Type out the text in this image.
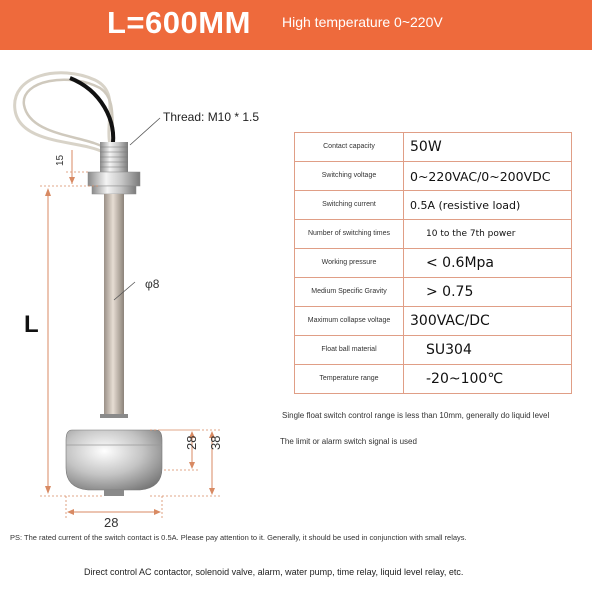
L=600MM High temperature 0~220V
15
L
φ8
28 38
28
Thread: M10 * 1.5
Contact capacity	50W
Switching voltage	0~220VAC/0~200VDC
Switching current	0.5A (resistive load)
Number of switching times	10 to the 7th power
Working pressure	< 0.6Mpa
Medium Specific Gravity	> 0.75
Maximum collapse voltage	300VAC/DC
Float ball material	SU304
Temperature range	-20~100℃
Single float switch control range is less than 10mm, generally do liquid level
The limit or alarm switch signal is used
PS: The rated current of the switch contact is 0.5A. Please pay attention to it. Generally, it should be used in conjunction with small relays.
Direct control AC contactor, solenoid valve, alarm, water pump, time relay, liquid level relay, etc.
